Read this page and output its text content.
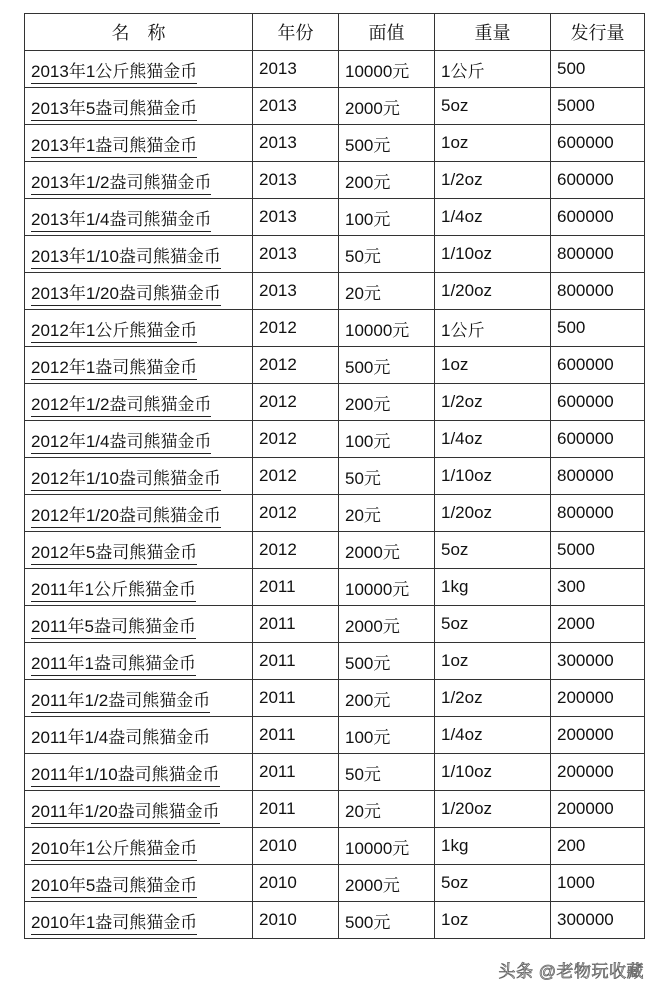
名　称	年份	面值	重量	发行量
2013年1公斤熊猫金币	2013	10000元	1公斤	500
2013年5盎司熊猫金币	2013	2000元	5oz	5000
2013年1盎司熊猫金币	2013	500元	1oz	600000
2013年1/2盎司熊猫金币	2013	200元	1/2oz	600000
2013年1/4盎司熊猫金币	2013	100元	1/4oz	600000
2013年1/10盎司熊猫金币	2013	50元	1/10oz	800000
2013年1/20盎司熊猫金币	2013	20元	1/20oz	800000
2012年1公斤熊猫金币	2012	10000元	1公斤	500
2012年1盎司熊猫金币	2012	500元	1oz	600000
2012年1/2盎司熊猫金币	2012	200元	1/2oz	600000
2012年1/4盎司熊猫金币	2012	100元	1/4oz	600000
2012年1/10盎司熊猫金币	2012	50元	1/10oz	800000
2012年1/20盎司熊猫金币	2012	20元	1/20oz	800000
2012年5盎司熊猫金币	2012	2000元	5oz	5000
2011年1公斤熊猫金币	2011	10000元	1kg	300
2011年5盎司熊猫金币	2011	2000元	5oz	2000
2011年1盎司熊猫金币	2011	500元	1oz	300000
2011年1/2盎司熊猫金币	2011	200元	1/2oz	200000
2011年1/4盎司熊猫金币	2011	100元	1/4oz	200000
2011年1/10盎司熊猫金币	2011	50元	1/10oz	200000
2011年1/20盎司熊猫金币	2011	20元	1/20oz	200000
2010年1公斤熊猫金币	2010	10000元	1kg	200
2010年5盎司熊猫金币	2010	2000元	5oz	1000
2010年1盎司熊猫金币	2010	500元	1oz	300000
头条 @老物玩收藏
